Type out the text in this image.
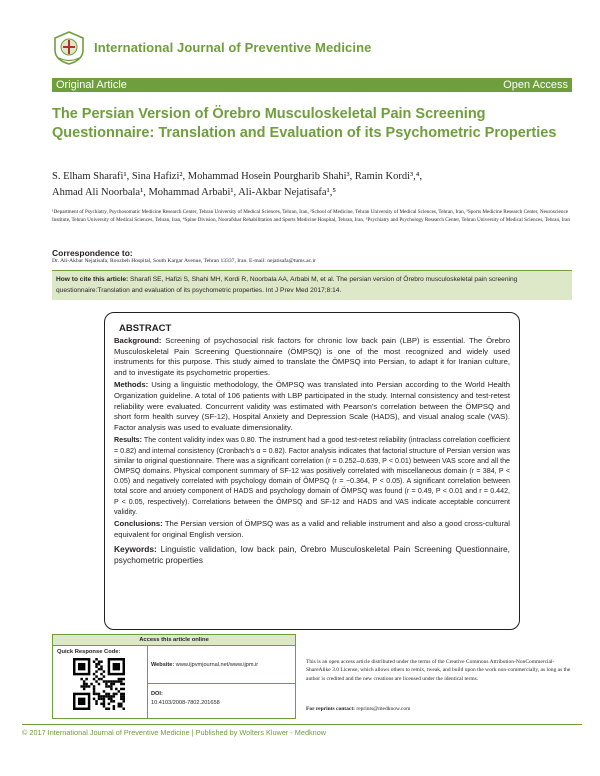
International Journal of Preventive Medicine
Original Article	Open Access
The Persian Version of Örebro Musculoskeletal Pain Screening Questionnaire: Translation and Evaluation of its Psychometric Properties
S. Elham Sharafi¹, Sina Hafizi², Mohammad Hosein Pourgharib Shahi³, Ramin Kordi³,⁴,
Ahmad Ali Noorbala¹, Mohammad Arbabi¹, Ali-Akbar Nejatisafa¹,⁵
¹Department of Psychiatry, Psychosomatic Medicine Research Center, Tehran University of Medical Sciences, Tehran, Iran, ²School of Medicine, Tehran University of Medical Sciences, Tehran, Iran, ³Sports Medicine Research Center, Neuroscience Institute, Tehran University of Medical Sciences, Tehran, Iran, ⁴Spine Division, Noorafshar Rehabilitation and Sports Medicine Hospital, Tehran, Iran, ⁵Psychiatry and Psychology Research Center, Tehran University of Medical Sciences, Tehran, Iran
Correspondence to:
Dr. Ali-Akbar Nejatisafa, Roozbeh Hospital, South Kargar Avenue, Tehran 13337, Iran. E-mail: nejatisafa@tums.ac.ir
How to cite this article: Sharafi SE, Hafizi S, Shahi MH, Kordi R, Noorbala AA, Arbabi M, et al. The persian version of Örebro musculoskeletal pain screening questionnaire:Translation and evaluation of its psychometric properties. Int J Prev Med 2017;8:14.
ABSTRACT

Background: Screening of psychosocial risk factors for chronic low back pain (LBP) is essential. The Örebro Musculoskeletal Pain Screening Questionnaire (ÖMPSQ) is one of the most recognized and widely used instruments for this purpose. This study aimed to translate the ÖMPSQ into Persian, to adapt it for Iranian culture, and to investigate its psychometric properties.

Methods: Using a linguistic methodology, the ÖMPSQ was translated into Persian according to the World Health Organization guideline. A total of 106 patients with LBP participated in the study. Internal consistency and test-retest reliability were evaluated. Concurrent validity was estimated with Pearson's correlation between the ÖMPSQ and short form health survey (SF-12), Hospital Anxiety and Depression Scale (HADS), and visual analog scale (VAS). Factor analysis was used to evaluate dimensionality.

Results: The content validity index was 0.80. The instrument had a good test-retest reliability (intraclass correlation coefficient = 0.82) and internal consistency (Cronbach's α = 0.82). Factor analysis indicates that factorial structure of Persian version was similar to original questionnaire. There was a significant correlation (r = 0.252–0.639, P < 0.01) between VAS score and all the ÖMPSQ domains. Physical component summary of SF-12 was positively correlated with miscellaneous domain (r = 384, P < 0.05) and negatively correlated with psychology domain of ÖMPSQ (r = −0.364, P < 0.05). A significant correlation between total score and anxiety component of HADS and psychology domain of ÖMPSQ was found (r = 0.49, P < 0.01 and r = 0.442, P < 0.05, respectively). Correlations between the ÖMPSQ and SF-12 and HADS and VAS indicate acceptable concurrent validity.

Conclusions: The Persian version of ÖMPSQ was as a valid and reliable instrument and also a good cross-cultural equivalent for original English version.

Keywords: Linguistic validation, low back pain, Örebro Musculoskeletal Pain Screening Questionnaire, psychometric properties

Access this article online
Quick Response Code:
Website: www.ijpvmjournal.net/www.ijpm.ir
DOI:
10.4103/2008-7802.201658
This is an open access article distributed under the terms of the Creative Commons Attribution-NonCommercial-ShareAlike 3.0 License, which allows others to remix, tweak, and build upon the work non-commercially, as long as the author is credited and the new creations are licensed under the identical terms.
For reprints contact: reprints@medknow.com
© 2017 International Journal of Preventive Medicine | Published by Wolters Kluwer - Medknow
